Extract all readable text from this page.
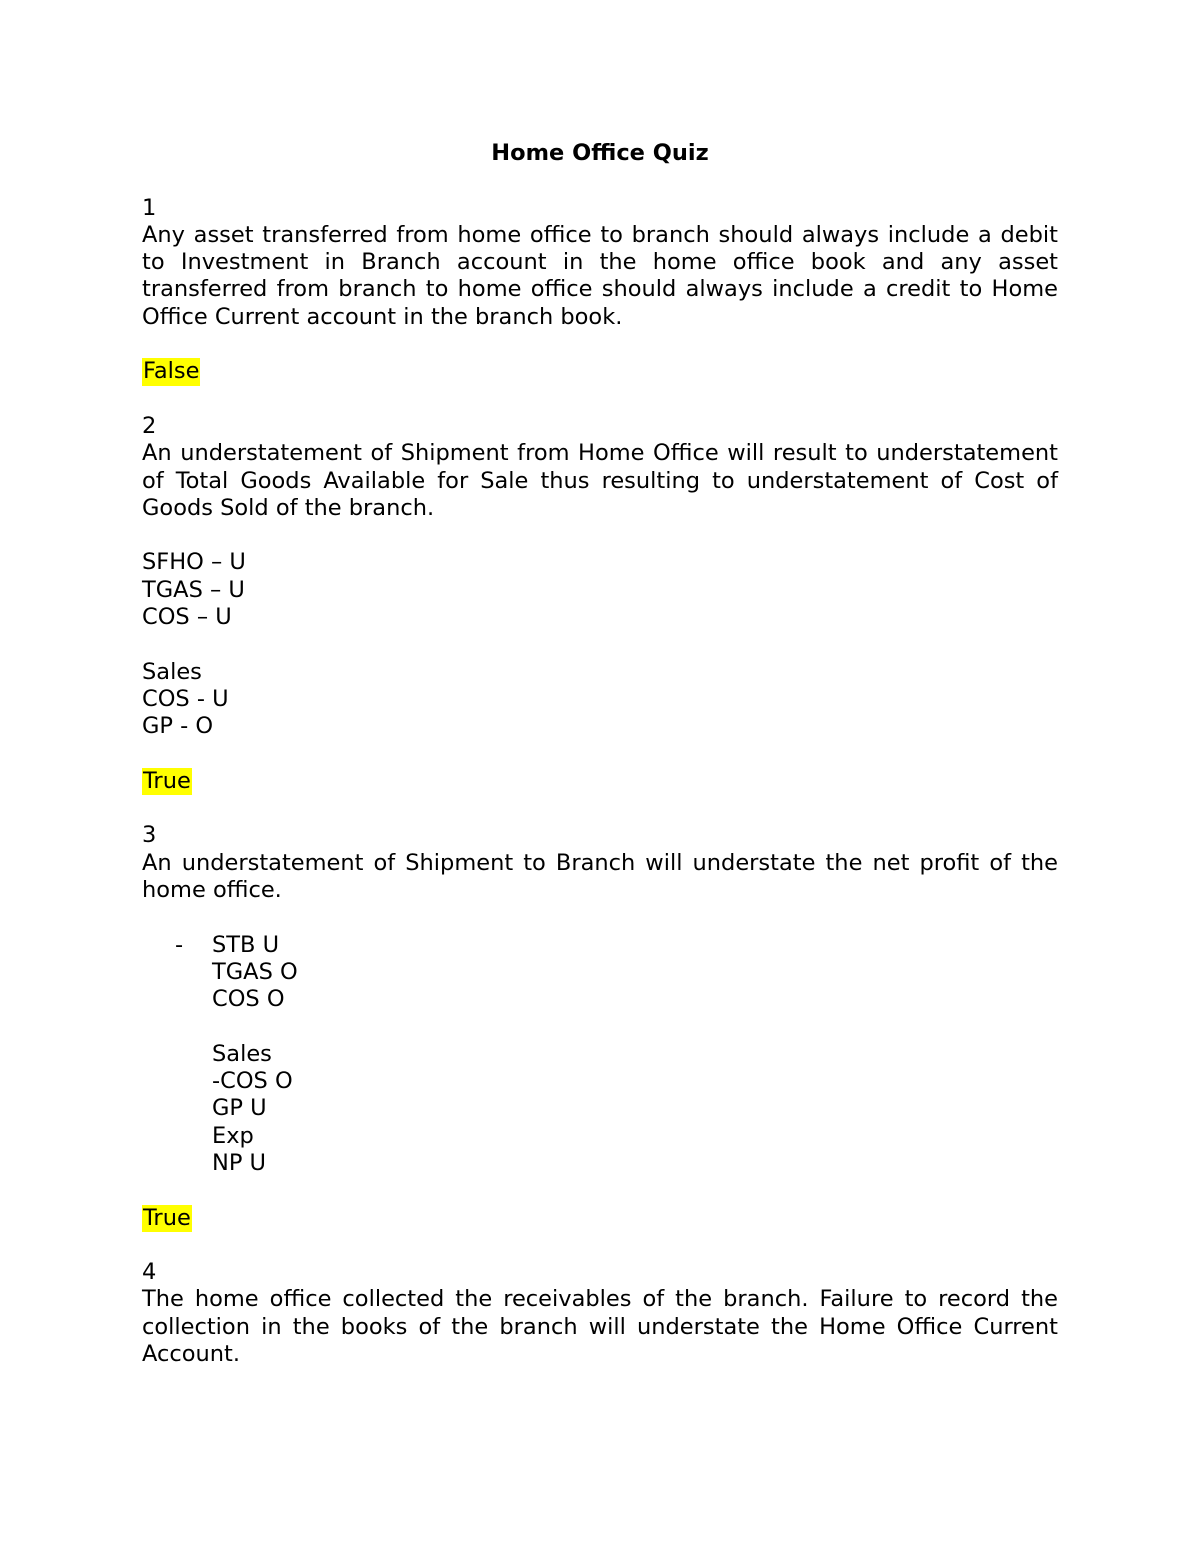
Home Office Quiz

1

Any asset transferred from home office to branch should always include a debit to Investment in Branch account in the home office book and any asset transferred from branch to home office should always include a credit to Home Office Current account in the branch book.

False

2

An understatement of Shipment from Home Office will result to understatement of Total Goods Available for Sale thus resulting to understatement of Cost of Goods Sold of the branch.

SFHO – U

TGAS – U

COS – U

Sales

COS - U

GP - O

True

3

An understatement of Shipment to Branch will understate the net profit of the home office.

- STB U

TGAS O

COS O

Sales

-COS O

GP U

Exp

NP U

True

4

The home office collected the receivables of the branch. Failure to record the collection in the books of the branch will understate the Home Office Current Account.
